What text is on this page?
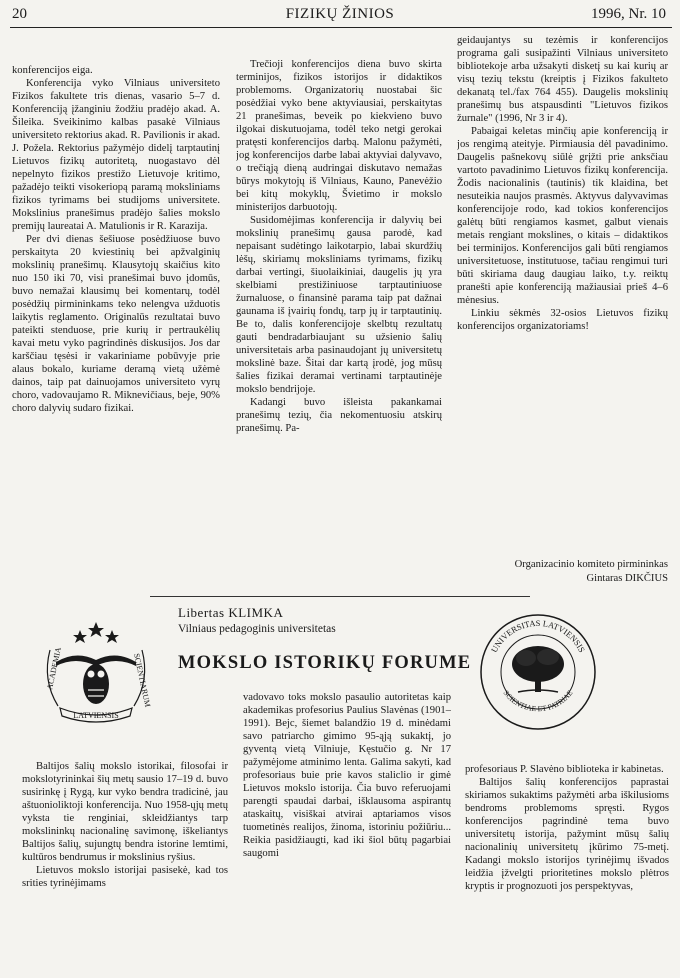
20	FIZIKŲ ŽINIOS	1996, Nr. 10

konferencijos eiga.

Konferencija vyko Vilniaus universiteto Fizikos fakultete tris dienas, vasario 5–7 d. Konferenciją įžanginiu žodžiu pradėjo akad. A. Šileika. Sveikinimo kalbas pasakė Vilniaus universiteto rektorius akad. R. Pavilionis ir akad. J. Požela. Rektorius pažymėjo didelį tarptautinį Lietuvos fizikų autoritetą, nuogastavo dėl nepelnyto fizikos prestižo Lietuvoje kritimo, pažadėjo teikti visokeriopą paramą moksliniams fizikos tyrimams bei studijoms universitete. Mokslinius pranešimus pradėjo šalies mokslo premijų laureatai A. Matulionis ir R. Karazija.

Per dvi dienas šešiuose posėdžiuose buvo perskaityta 20 kviestinių bei apžvalginių mokslinių pranešimų. Klausytojų skaičius kito nuo 150 iki 70, visi pranešimai buvo įdomūs, buvo nemažai klausimų bei komentarų, todėl posėdžių pirmininkams teko nelengva užduotis laikytis reglamento. Originalūs rezultatai buvo pateikti stenduose, prie kurių ir pertraukėlių kavai metu vyko pagrindinės diskusijos. Jos dar karščiau tęsėsi ir vakariniame pobūvyje prie alaus bokalo, kuriame deramą vietą užėmė dainos, taip pat dainuojamos universiteto vyrų choro, vadovaujamo R. Miknevičiaus, beje, 90% choro dalyvių sudaro fizikai.

Trečioji konferencijos diena buvo skirta terminijos, fizikos istorijos ir didaktikos problemoms. Organizatorių nuostabai šic posėdžiai vyko bene aktyviausiai, perskaitytas 21 pranešimas, beveik po kiekvieno buvo ilgokai diskutuojama, todėl teko netgi gerokai pratęsti konferencijos darbą. Malonu pažymėti, jog konferencijos darbe labai aktyviai dalyvavo, o trečiąją dieną audringai diskutavo nemažas būrys mokytojų iš Vilniaus, Kauno, Panevėžio bei kitų mokyklų, Švietimo ir mokslo ministerijos darbuotojų.

Susidomėjimas konferencija ir dalyvių bei mokslinių pranešimų gausa parodė, kad nepaisant sudėtingo laikotarpio, labai skurdžių lėšų, skiriamų moksliniams tyrimams, fizikų darbai vertingi, šiuolaikiniai, daugelis jų yra skelbiami prestižiniuose tarptautiniuose žurnaluose, o finansinė parama taip pat dažnai gaunama iš įvairių fondų, tarp jų ir tarptautinių. Be to, dalis konferencijoje skelbtų rezultatų gauti bendradarbiaujant su užsienio šalių universitetais arba pasinaudojant jų universitetų mokslinė baze. Šitai dar kartą įrodė, jog mūsų šalies fizikai deramai vertinami tarptautinėje mokslo bendrijoje.

Kadangi buvo išleista pakankamai pranešimų tezių, čia nekomentuosiu atskirų pranešimų. Pa-

geidaujantys su tezėmis ir konferencijos programa gali susipažinti Vilniaus universiteto bibliotekoje arba užsakyti disketį su kai kurių ar visų tezių tekstu (kreiptis į Fizikos fakulteto dekanatą tel./fax 764 455). Daugelis mokslinių pranešimų bus atspausdinti "Lietuvos fizikos žurnale" (1996, Nr 3 ir 4).

Pabaigai keletas minčių apie konferenciją ir jos rengimą ateityje. Pirmiausia dėl pavadinimo. Daugelis pašnekovų siūlė grįžti prie anksčiau vartoto pavadinimo Lietuvos fizikų konferencija. Žodis nacionalinis (tautinis) tik klaidina, bet nesuteikia naujos prasmės. Aktyvus dalyvavimas konferencijoje rodo, kad tokios konferencijos galėtų būti rengiamos kasmet, galbut vienais metais rengiant mokslines, o kitais – didaktikos bei terminijos. Konferencijos gali būti rengiamos universitetuose, institutuose, tačiau rengimui turi būti skiriama daug daugiau laiko, t.y. reiktų pranešti apie konferenciją mažiausiai prieš 4–6 mėnesius.

Linkiu sėkmės 32-osios Lietuvos fizikų konferencijos organizatoriams!

Organizacinio komiteto pirmininkas
Gintaras DIKČIUS
Libertas KLIMKA
Vilniaus pedagoginis universitetas
MOKSLO ISTORIKŲ FORUME
ACADEMIA	SCIENTIARUM
LATVIENSIS
UNIVERSITAS LATVIENSIS
SCIENTIAE ET PATRIAE

Baltijos šalių mokslo istorikai, filosofai ir mokslotyrininkai šių metų sausio 17–19 d. buvo susirinkę į Rygą, kur vyko bendra tradicinė, jau aštuonioliktoji konferencija. Nuo 1958-ųjų metų vyksta tie renginiai, skleidžiantys tarp mokslininkų nacionalinę savimonę, iškeliantys Baltijos šalių, sujungtų bendra istorine lemtimi, kultūros bendrumus ir mokslinius ryšius.

Lietuvos mokslo istorijai pasisekė, kad tos srities tyrinėjimams

vadovavo toks mokslo pasaulio autoritetas kaip akademikas profesorius Paulius Slavėnas (1901–1991). Bejc, šiemet balandžio 19 d. minėdami savo patriarcho gimimo 95-ąją sukaktį, jo gyventą vietą Vilniuje, Kęstučio g. Nr 17 pažymėjome atminimo lenta. Galima sakyti, kad profesoriaus buie prie kavos staliclio ir gimė Lietuvos mokslo istorija. Čia buvo referuojami parengti spaudai darbai, išklausoma aspirantų ataskaitų, visiškai atvirai aptariamos visos tuometinės realijos, žinoma, istoriniu požiūriu... Reikia pasidžiaugti, kad iki šiol būtų pagarbiai saugomi

profesoriaus P. Slavėno biblioteka ir kabinetas.

Baltijos šalių konferencijos paprastai skiriamos sukaktims pažymėti arba iškilusioms bendroms problemoms spręsti. Rygos konferencijos pagrindinė tema buvo universitetų istorija, pažymint mūsų šalių nacionalinių universitetų įkūrimo 75-metį. Kadangi mokslo istorijos tyrinėjimų išvados leidžia įžvelgti prioritetines mokslo plėtros kryptis ir prognozuoti jos perspektyvas,
